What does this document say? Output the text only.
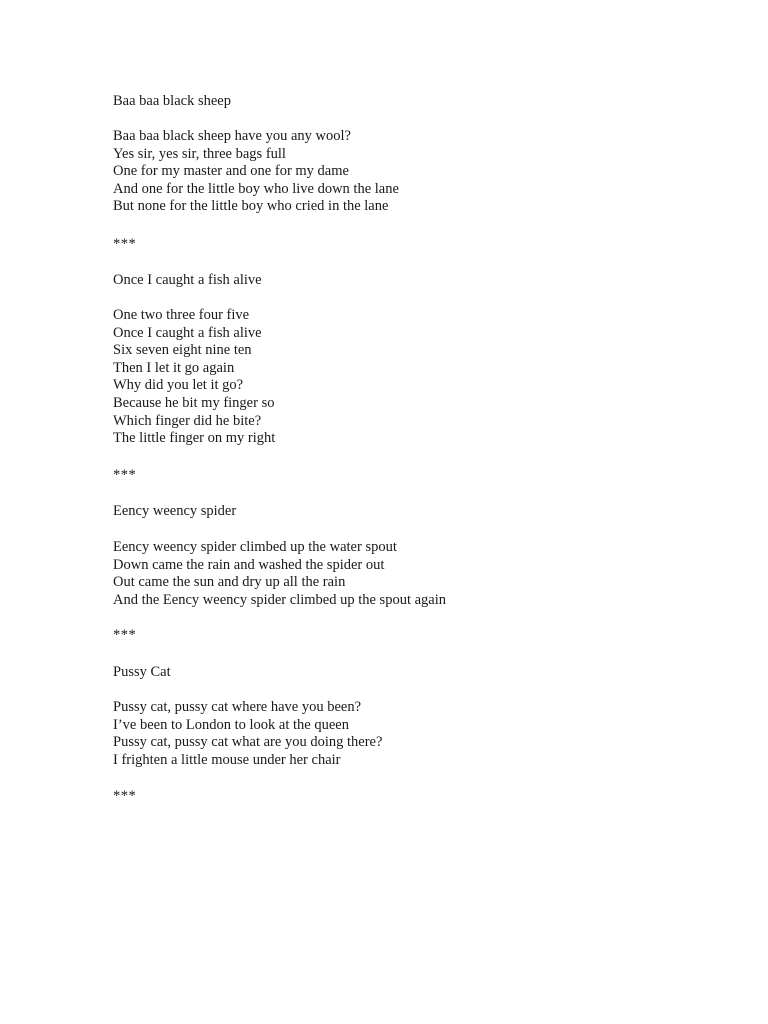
Baa baa black sheep
Baa baa black sheep have you any wool?
Yes sir, yes sir, three bags full
One for my master and one for my dame
And one for the little boy who live down the lane
But none for the little boy who cried in the lane
***
Once I caught a fish alive
One two three four five
Once I caught a fish alive
Six seven eight nine ten
Then I let it go again
Why did you let it go?
Because he bit my finger so
Which finger did he bite?
The little finger on my right
***
Eency weency spider
Eency weency spider climbed up the water spout
Down came the rain and washed the spider out
Out came the sun and dry up all the rain
And the Eency weency spider climbed up the spout again
***
Pussy Cat
Pussy cat, pussy cat where have you been?
I’ve been to London to look at the queen
Pussy cat, pussy cat what are you doing there?
I frighten a little mouse under her chair
***
